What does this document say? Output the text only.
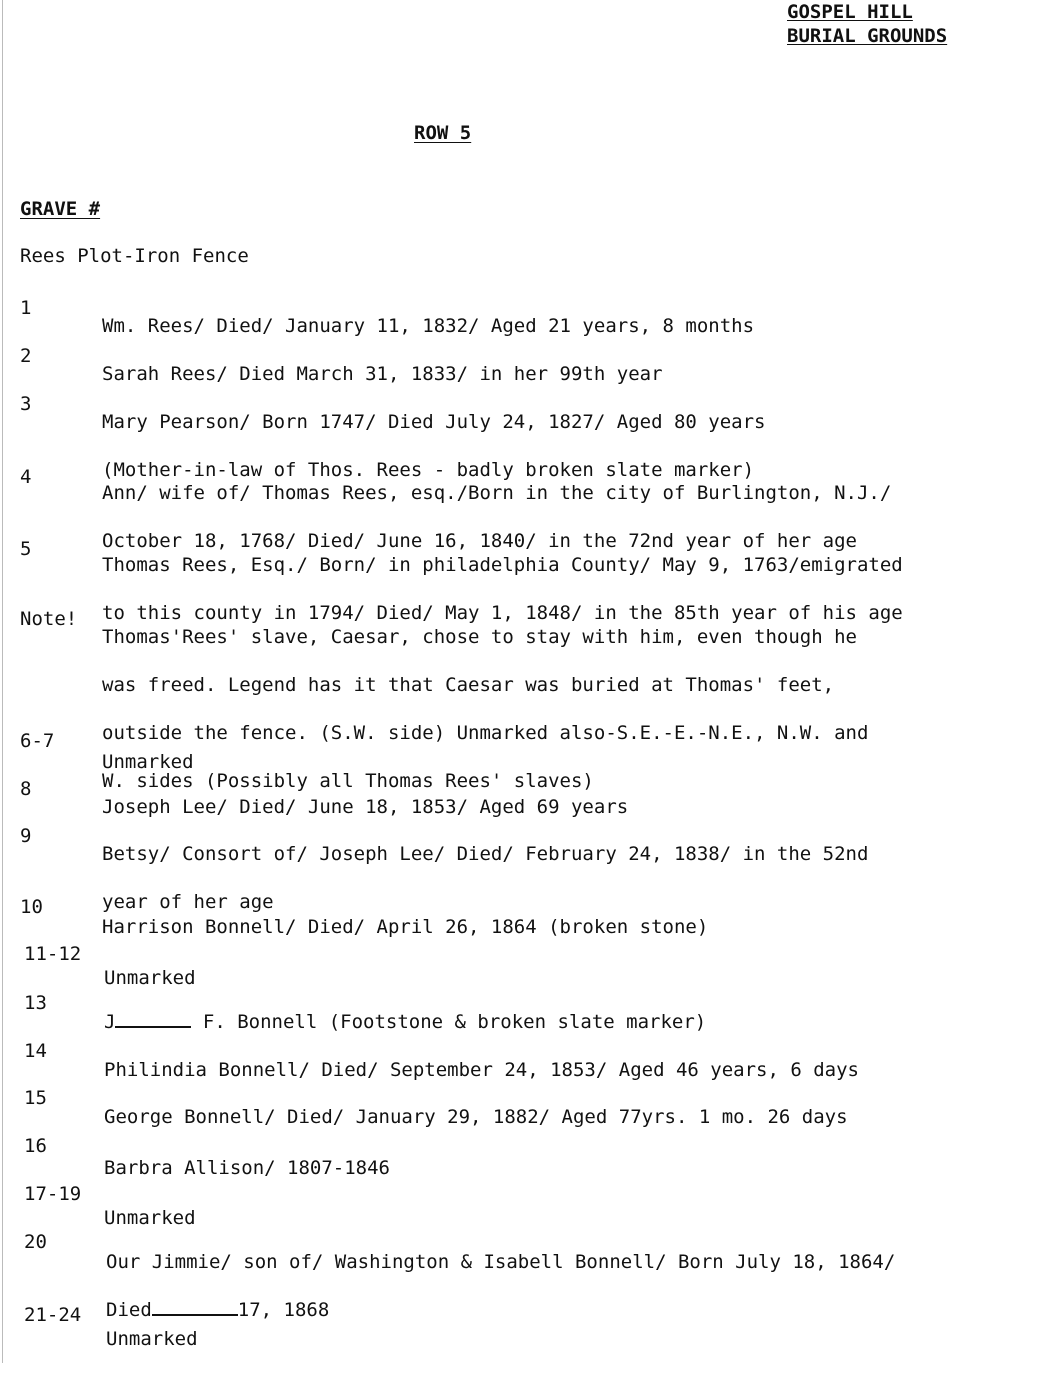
GOSPEL HILL
BURIAL GROUNDS
ROW 5
GRAVE #
Rees Plot-Iron Fence
1

Wm. Rees/ Died/ January 11, 1832/ Aged 21 years, 8 months

2

Sarah Rees/ Died March 31, 1833/ in her 99th year

3

Mary Pearson/ Born 1747/ Died July 24, 1827/ Aged 80 years

(Mother-in-law of Thos. Rees - badly broken slate marker)

4

Ann/ wife of/ Thomas Rees, esq./Born in the city of Burlington, N.J./

October 18, 1768/ Died/ June 16, 1840/ in the 72nd year of her age

5

Thomas Rees, Esq./ Born/ in philadelphia County/ May 9, 1763/emigrated

to this county in 1794/ Died/ May 1, 1848/ in the 85th year of his age

Note!

Thomas'Rees' slave, Caesar, chose to stay with him, even though he

was freed. Legend has it that Caesar was buried at Thomas' feet,

outside the fence. (S.W. side) Unmarked also-S.E.-E.-N.E., N.W. and

W. sides (Possibly all Thomas Rees' slaves)

6-7

Unmarked

8

Joseph Lee/ Died/ June 18, 1853/ Aged 69 years

9

Betsy/ Consort of/ Joseph Lee/ Died/ February 24, 1838/ in the 52nd

year of her age

10

Harrison Bonnell/ Died/ April 26, 1864 (broken stone)

11-12

Unmarked

13

J	F. Bonnell (Footstone & broken slate marker)

14

Philindia Bonnell/ Died/ September 24, 1853/ Aged 46 years, 6 days

15

George Bonnell/ Died/ January 29, 1882/ Aged 77yrs. 1 mo. 26 days

16

Barbra Allison/ 1807-1846

17-19

Unmarked

20

Our Jimmie/ son of/ Washington & Isabell Bonnell/ Born July 18, 1864/

Died	17, 1868

21-24

Unmarked
